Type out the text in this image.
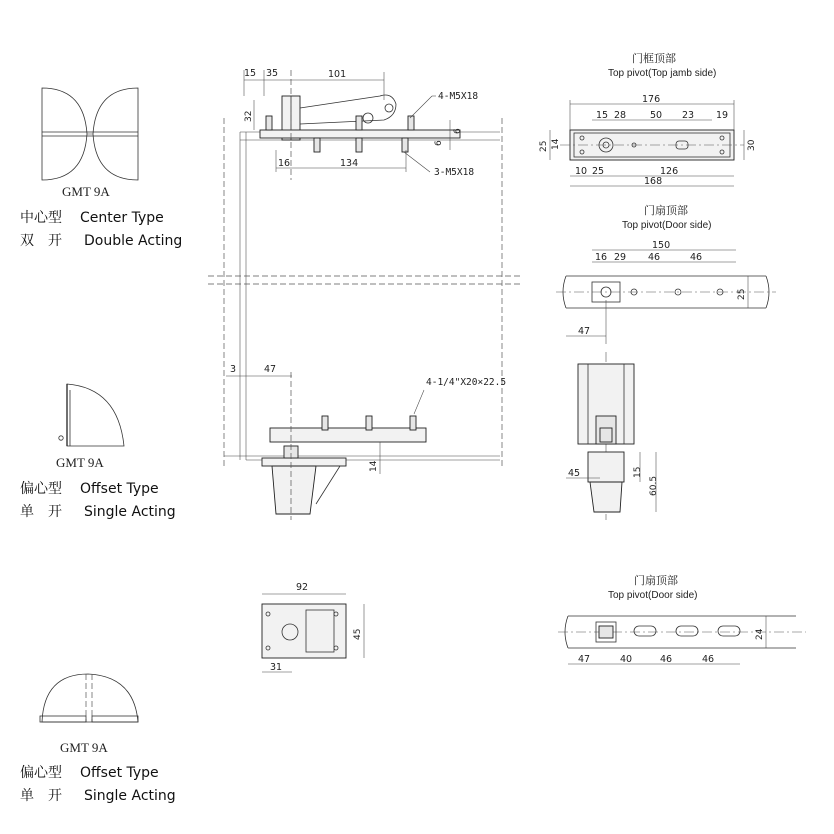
GMT 9A
中心型 Center Type
双　开 Double Acting
GMT 9A
偏心型 Offset Type
单　开 Single Acting
GMT 9A
偏心型 Offset Type
单　开 Single Acting
15 35	101
32
16	134
6
6
4-M5X18
3-M5X18
3	47
14
4-1/4"X20×22.5
门框顶部
Top pivot(Top jamb side)
176
15 28	50 23 19
25 14	30
10 25	126
168
门扇顶部
Top pivot(Door side)
150
16 29 46	46
25
47
45	15
60.5
92
45
31
门扇顶部
Top pivot(Door side)
24
47	40	46	46
